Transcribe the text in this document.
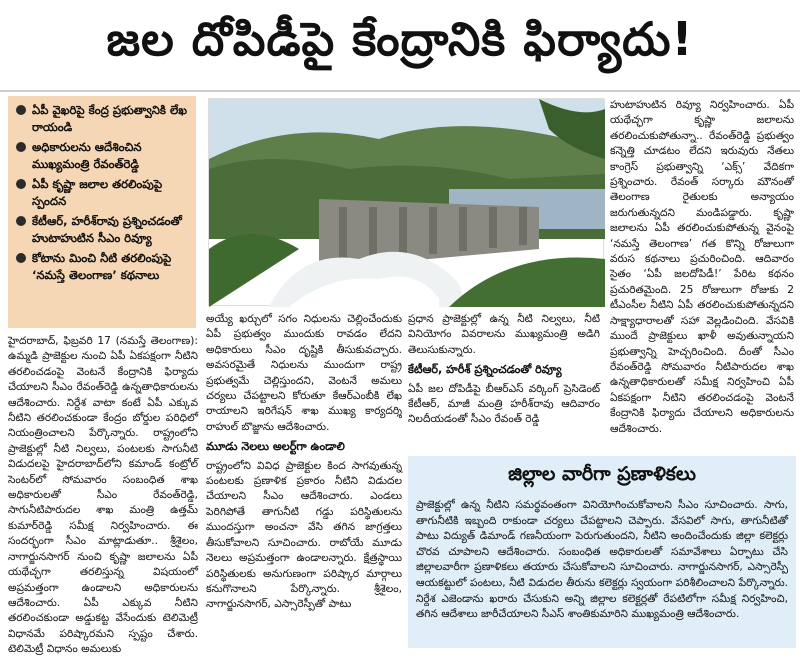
జల దోపిడీపై కేంద్రానికి ఫిర్యాదు!
ఏపీ వైఖరిపై కేంద్ర ప్రభుత్వానికి లేఖ రాయండి
అధికారులను ఆదేశించిన ముఖ్యమంత్రి రేవంత్‌రెడ్డి
ఏపీ కృష్ణా జలాల తరలింపుపై స్పందన
కేటీఆర్‌, హరీశ్‌రావు ప్రశ్నించడంతో హుటాహుటిన సీఎం రివ్యూ
కోటాను మించి నీటి తరలింపుపై ‘నమస్తే తెలంగాణ’ కథనాలు

హైదరాబాద్‌, ఫిబ్రవరి 17 (నమస్తే తెలంగాణ): ఉమ్మడి ప్రాజెక్టుల నుంచి ఏపీ ఏకపక్షంగా నీటిని తరలించడంపై వెంటనే కేంద్రానికి ఫిర్యాదు చేయాలని సీఎం రేవంత్‌రెడ్డి ఉన్నతాధికారులను ఆదేశించారు. నిర్దేశ వాటా కంటే ఏపీ ఎక్కువ నీటిని తరలించకుండా కేంద్రం బోర్డుల పరిధిలో నియంత్రించాలని పేర్కొన్నారు. రాష్ట్రంలోని ప్రాజెక్టుల్లో నీటి నిల్వలు, పంటలకు సాగునీటి విడుదలపై హైదరాబాద్‌లోని కమాండ్‌ కంట్రోల్‌ సెంటర్‌లో సోమవారం సంబంధిత శాఖ అధికారులతో సీఎం రేవంత్‌రెడ్డి, సాగునీటిపారుదల శాఖ మంత్రి ఉత్తమ్‌ కుమార్‌రెడ్డి సమీక్ష నిర్వహించారు. ఈ సందర్భంగా సీఎం మాట్లాడుతూ.. శ్రీశైలం, నాగార్జునసాగర్‌ నుంచి కృష్ణా జలాలను ఏపీ యథేచ్ఛగా తరలిస్తున్న విషయంలో అప్రమత్తంగా ఉండాలని అధికారులను ఆదేశించారు. ఏపీ ఎక్కువ నీటిని తరలించకుండా అడ్డుకట్ట వేసేందుకు టెలిమెట్రీ విధానమే పరిష్కారమని స్పష్టం చేశారు. టెలిమెట్రీ విధానం అమలుకు

అయ్యే ఖర్చులో సగం నిధులను చెల్లించేందుకు ఏపీ ప్రభుత్వం ముందుకు రావడం లేదని అధికారులు సీఎం దృష్టికి తీసుకువచ్చారు. అవసరమైతే నిధులను ముందుగా రాష్ట్ర ప్రభుత్వమే చెల్లిస్తుందని, వెంటనే అమలు చర్యలు చేపట్టాలని కోరుతూ కేఆర్‌ఎంబీకి లేఖ రాయాలని ఇరిగేషన్‌ శాఖ ముఖ్య కార్యదర్శి రాహుల్‌ బొజ్జాను ఆదేశించారు.

మూడు నెలలు అలర్ట్‌గా ఉండాలి

రాష్ట్రంలోని వివిధ ప్రాజెక్టుల కింద సాగవుతున్న పంటలకు ప్రణాళిక ప్రకారం నీటిని విడుదల చేయాలని సీఎం ఆదేశించారు. ఎండలు పెరిగిపోతే తాగునీటి గడ్డు పరిస్థితులను ముందస్తుగా అంచనా వేసి తగిన జాగ్రత్తలు తీసుకోవాలని సూచించారు. రాబోయే మూడు నెలలు అప్రమత్తంగా ఉండాలన్నారు. క్షేత్రస్థాయి పరిస్థితులకు అనుగుణంగా పరిష్కార మార్గాలు కనుగొనాలని పేర్కొన్నారు. శ్రీశైలం, నాగార్జునసాగర్‌, ఎస్సారెస్పీతో పాటు

ప్రధాన ప్రాజెక్టుల్లో ఉన్న నీటి నిల్వలు, నీటి వినియోగం వివరాలను ముఖ్యమంత్రి అడిగి తెలుసుకున్నారు.

కేటీఆర్‌, హరీశ్‌ ప్రశ్నించడంతో రివ్యూ

ఏపీ జల దోపిడీపై బీఆర్‌ఎస్‌ వర్కింగ్‌ ప్రెసిడెంట్‌ కేటీఆర్‌, మాజీ మంత్రి హరీశ్‌రావు ఆదివారం నిలదీయడంతో సీఎం రేవంత్‌ రెడ్డి

హుటాహుటిన రివ్యూ నిర్వహించారు. ఏపీ యథేచ్ఛగా కృష్ణా జలాలను తరలించుకుపోతున్నా.. రేవంత్‌రెడ్డి ప్రభుత్వం కన్నెత్తి చూడటం లేదని ఇరువురు నేతలు కాంగ్రెస్‌ ప్రభుత్వాన్ని ‘ఎక్స్‌’ వేదికగా ప్రశ్నించారు. రేవంత్‌ సర్కారు మౌనంతో తెలంగాణ రైతులకు అన్యాయం జరుగుతున్నదని మండిపడ్డారు. కృష్ణా జలాలను ఏపీ తరలించుకుపోతున్న వైనంపై ‘నమస్తే తెలంగాణ’ గత కొన్ని రోజులుగా వరుస కథనాలు ప్రచురించింది. ఆదివారం సైతం ‘ఏపీ జలదోపిడీ!’ పేరిట కథనం ప్రచురితమైంది. 25 రోజులుగా రోజుకు 2 టీఎంసీల నీటిని ఏపీ తరలించుకుపోతున్నదని సాక్ష్యాధారాలతో సహా వెల్లడించింది. వేసవికి ముందే ప్రాజెక్టులు ఖాళీ అవుతున్నాయని ప్రభుత్వాన్ని హెచ్చరించింది. దీంతో సీఎం రేవంత్‌రెడ్డి సోమవారం నీటిపారుదల శాఖ ఉన్నతాధికారులతో సమీక్ష నిర్వహించి ఏపీ ఏకపక్షంగా నీటిని తరలించడంపై వెంటనే కేంద్రానికి ఫిర్యాదు చేయాలని అధికారులను ఆదేశించారు.

జిల్లాల వారీగా ప్రణాళికలు
ప్రాజెక్టుల్లో ఉన్న నీటిని సమర్థవంతంగా వినియోగించుకోవాలని సీఎం సూచించారు. సాగు, తాగునీటికి ఇబ్బంది రాకుండా చర్యలు చేపట్టాలని చెప్పారు. వేసవిలో సాగు, తాగునీటితో పాటు విద్యుత్‌ డిమాండ్‌ గణనీయంగా పెరుగుతుందని, నీటిని అందించేందుకు జిల్లా కలెక్టర్లు చొరవ చూపాలని ఆదేశించారు. సంబంధిత అధికారులతో సమావేశాలు ఏర్పాటు చేసి జిల్లాలవారీగా ప్రణాళికలు తయారు చేసుకోవాలని సూచించారు. నాగార్జునసాగర్‌, ఎస్సారెస్పీ ఆయకట్టులో పంటలు, నీటి విడుదల తీరును కలెక్టర్లు స్వయంగా పరిశీలించాలని పేర్కొన్నారు. నిర్దేశ ఎజెండాను ఖరారు చేసుకుని అన్ని జిల్లాల కలెక్టర్లతో రేపటిలోగా సమీక్ష నిర్వహించి, తగిన ఆదేశాలు జారీచేయాలని సీఎస్‌ శాంతికుమారిని ముఖ్యమంత్రి ఆదేశించారు.
